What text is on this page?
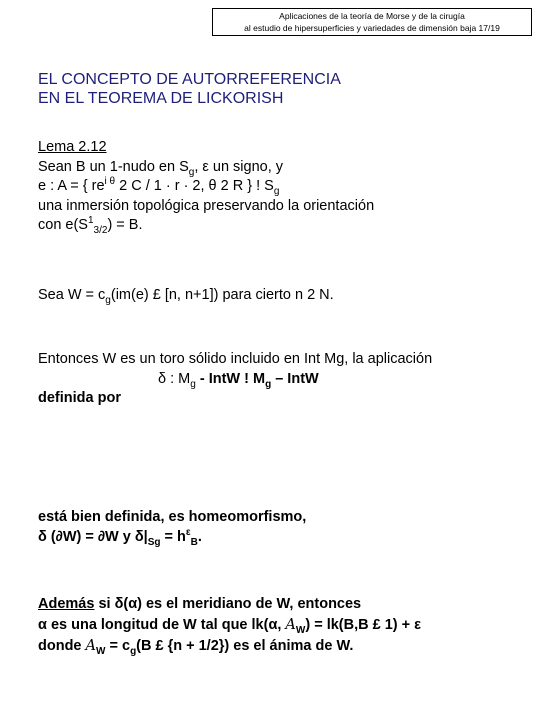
Aplicaciones de la teoría de Morse y de la cirugía
al estudio de hipersuperficies y variedades de dimensión baja 17/19
EL CONCEPTO DE AUTORREFERENCIA
EN EL TEOREMA DE LICKORISH
Lema 2.12
Sean B un 1-nudo en $S_g$, ε un signo, y
e : A = { $re^{i \theta}$ 2 C / 1 · r · 2, θ 2 R } ! $S_g$
una inmersión topológica preservando la orientación
con $e(S^1_{3/2}) = B$.
Sea $W = c_g(im(e)$ £ [n, n+1]) para cierto n 2 N.
Entonces W es un toro sólido incluido en Int Mg, la aplicación
δ : $M_g$ - IntW ! $M_g$ – IntW
definida por
está bien definida, es homeomorfismo,
δ (∂W) = ∂W y $\delta|_{Sg} = h^\varepsilon_B$.
Además si δ(α) es el meridiano de W, entonces
α es una longitud de W tal que lk(α, $A_W) = lk(B,B$ £ 1) + ε
donde $A_W = c_g(B$ £ {n + 1/2}) es el ánima de W.
